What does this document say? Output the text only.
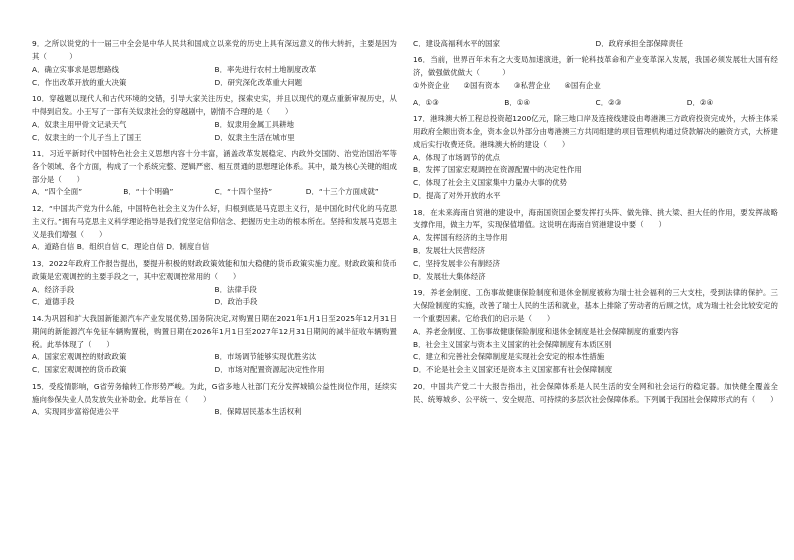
9．之所以说党的十一届三中全会是中华人民共和国成立以来党的历史上具有深远意义的伟大转折，主要是因为其（　　　）

A．确立实事求是思想路线	B．率先进行农村土地制度改革
C．作出改革开放的重大决策	D．研究深化改革重大问题

10．穿越题以现代人和古代环境的交错，引导大家关注历史，探索史实，并且以现代的观点重新审视历史，从中得到启发。小王写了一部有关奴隶社会的穿越剧中，剧情不合理的是（　　）

A．奴隶主用甲骨文记录天气	B．奴隶用金属工具耕地
C．奴隶主的一个儿子当上了国王	D．奴隶主生活在城市里

11．习近平新时代中国特色社会主义思想内容十分丰富，涵盖改革发展稳定、内政外交国防、治党治国治军等各个领域、各个方面，构成了一个系统完整、逻辑严密、相互贯通的思想理论体系。其中，最为核心关键的组成部分是（　　）

A．“四个全面”	B．“十个明确”	C．“十四个坚持”	D．“十三个方面成就”

12．“中国共产党为什么能，中国特色社会主义为什么好，归根到底是马克思主义行，是中国化时代化的马克思主义行。”拥有马克思主义科学理论指导是我们党坚定信仰信念、把握历史主动的根本所在。坚持和发展马克思主义是我们增强（　　）

A．道路自信 B．组织自信 C．理论自信 D．制度自信

13．2022年政府工作报告提出，要提升积极的财政政策效能和加大稳健的货币政策实施力度。财政政策和货币政策是宏观调控的主要手段之一，其中宏观调控常用的（　　）

A．经济手段	B．法律手段
C．道德手段	D．政治手段

14.为巩固和扩大我国新能源汽车产业发展优势,国务院决定,对购置日期在2021年1月1日至2025年12月31日期间的新能源汽车免征车辆购置税，购置日期在2026年1月1日至2027年12月31日期间的减半征收车辆购置税。此举体现了（　　）

A．国家宏观调控的财政政策	B．市场调节能够实现优胜劣汰
C．国家宏观调控的货币政策	D．市场对配置资源起决定性作用

15．受疫情影响，G省劳务输转工作形势严峻。为此，G省多地人社部门充分发挥城镇公益性岗位作用，延续实施向参保失业人员发放失业补助金。此举旨在（　　）

A．实现同步富裕促进公平	B．保障居民基本生活权利
C．建设高福利水平的国家	D．政府承担全部保障责任

16．当前，世界百年未有之大变局加速演进，新一轮科技革命和产业变革深入发展，我国必须发展壮大国有经济，做强做优做大（　　　）

①外资企业 ②国有资本 ③私营企业 ④国有企业
A．①③	B．①④	C．②③	D．②④

17．港珠澳大桥工程总投资超1200亿元，除三地口岸及连接线建设由粤港澳三方政府投资完成外，大桥主体采用政府全额出资本金，资本金以外部分由粤港澳三方共同组建的项目管理机构通过贷款解决的融资方式，大桥建成后实行收费还贷。港珠澳大桥的建设（　　）

A．体现了市场调节的优点
B．发挥了国家宏观调控在资源配置中的决定性作用
C．体现了社会主义国家集中力量办大事的优势
D．提高了对外开放的水平

18．在未来海南自贸港的建设中，海南国资国企要发挥打头阵、做先锋、挑大梁、担大任的作用，要发挥战略支撑作用，做主力军，实现保值增值。这说明在海南自贸港建设中要（　　）

A．发挥国有经济的主导作用
B．发展壮大民营经济
C．坚持发展非公有制经济
D．发展壮大集体经济

19．养老金制度、工伤事故健康保险制度和退休金制度被称为瑞士社会福利的三大支柱，受到法律的保护。三大保险制度的实施，改善了瑞士人民的生活和就业，基本上排除了劳动者的后顾之忧，成为瑞士社会比较安定的一个重要因素。它给我们的启示是（　　）

A．养老金制度、工伤事故健康保险制度和退休金制度是社会保障制度的重要内容
B．社会主义国家与资本主义国家的社会保障制度有本质区别
C．建立和完善社会保障制度是实现社会安定的根本性措施
D．不论是社会主义国家还是资本主义国家都有社会保障制度

20．中国共产党二十大报告指出，社会保障体系是人民生活的安全网和社会运行的稳定器。加快健全覆盖全民、统筹城乡、公平统一、安全规范、可持续的多层次社会保障体系。下列属于我国社会保障形式的有（　　）
